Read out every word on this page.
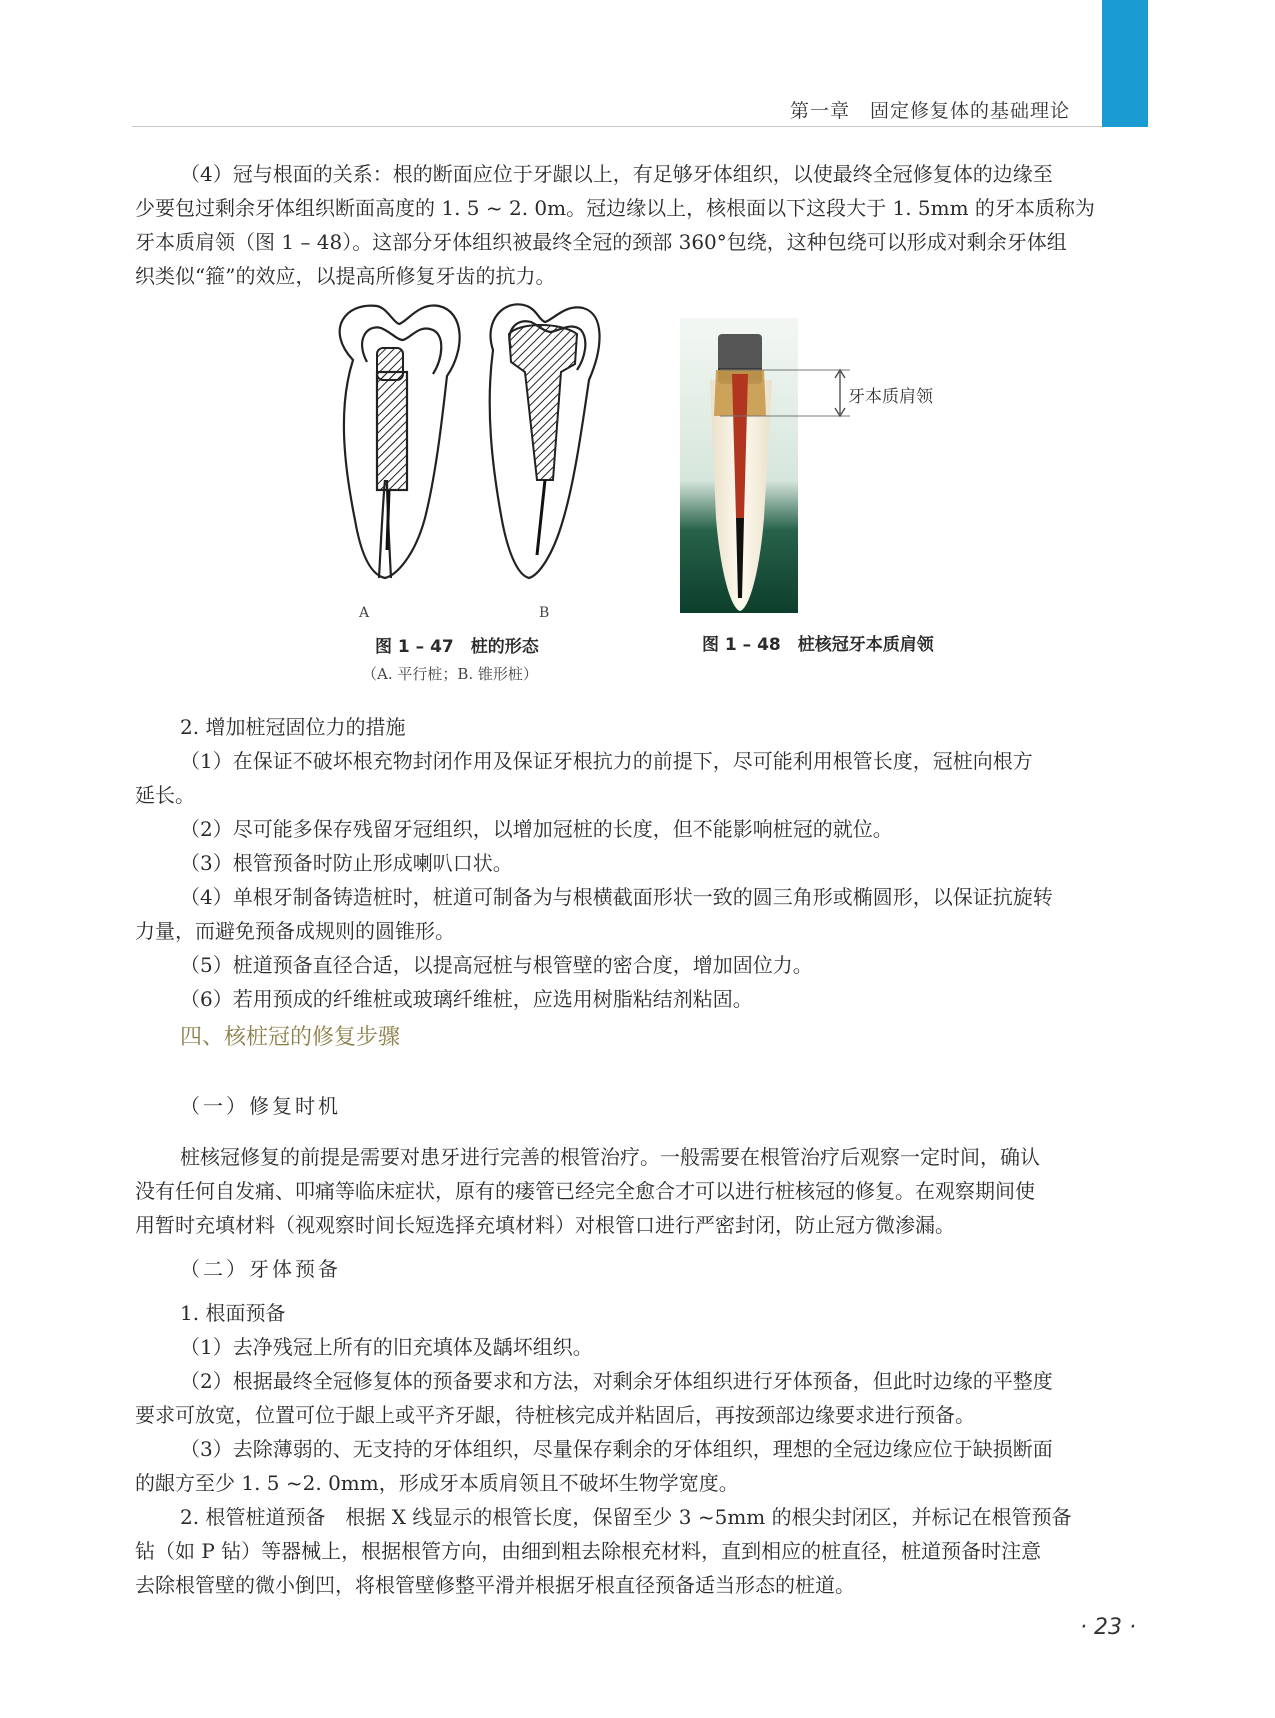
第一章　固定修复体的基础理论
（4）冠与根面的关系：根的断面应位于牙龈以上，有足够牙体组织，以使最终全冠修复体的边缘至
少要包过剩余牙体组织断面高度的 1. 5 ~ 2. 0m。冠边缘以上，核根面以下这段大于 1. 5mm 的牙本质称为
牙本质肩领（图 1 – 48）。这部分牙体组织被最终全冠的颈部 360°包绕，这种包绕可以形成对剩余牙体组
织类似“箍”的效应，以提高所修复牙齿的抗力。
A	B
图 1 – 47　桩的形态
（A. 平行桩；B. 锥形桩）
牙本质肩领
图 1 – 48　桩核冠牙本质肩领
2. 增加桩冠固位力的措施
（1）在保证不破坏根充物封闭作用及保证牙根抗力的前提下，尽可能利用根管长度，冠桩向根方
延长。
（2）尽可能多保存残留牙冠组织，以增加冠桩的长度，但不能影响桩冠的就位。
（3）根管预备时防止形成喇叭口状。
（4）单根牙制备铸造桩时，桩道可制备为与根横截面形状一致的圆三角形或椭圆形，以保证抗旋转
力量，而避免预备成规则的圆锥形。
（5）桩道预备直径合适，以提高冠桩与根管壁的密合度，增加固位力。
（6）若用预成的纤维桩或玻璃纤维桩，应选用树脂粘结剂粘固。
四、核桩冠的修复步骤
（一）修复时机
桩核冠修复的前提是需要对患牙进行完善的根管治疗。一般需要在根管治疗后观察一定时间，确认
没有任何自发痛、叩痛等临床症状，原有的瘘管已经完全愈合才可以进行桩核冠的修复。在观察期间使
用暂时充填材料（视观察时间长短选择充填材料）对根管口进行严密封闭，防止冠方微渗漏。
（二）牙体预备
1. 根面预备
（1）去净残冠上所有的旧充填体及龋坏组织。
（2）根据最终全冠修复体的预备要求和方法，对剩余牙体组织进行牙体预备，但此时边缘的平整度
要求可放宽，位置可位于龈上或平齐牙龈，待桩核完成并粘固后，再按颈部边缘要求进行预备。
（3）去除薄弱的、无支持的牙体组织，尽量保存剩余的牙体组织，理想的全冠边缘应位于缺损断面
的龈方至少 1. 5 ~2. 0mm，形成牙本质肩领且不破坏生物学宽度。
2. 根管桩道预备　根据 X 线显示的根管长度，保留至少 3 ~5mm 的根尖封闭区，并标记在根管预备
钻（如 P 钻）等器械上，根据根管方向，由细到粗去除根充材料，直到相应的桩直径，桩道预备时注意
去除根管壁的微小倒凹，将根管壁修整平滑并根据牙根直径预备适当形态的桩道。
· 23 ·
